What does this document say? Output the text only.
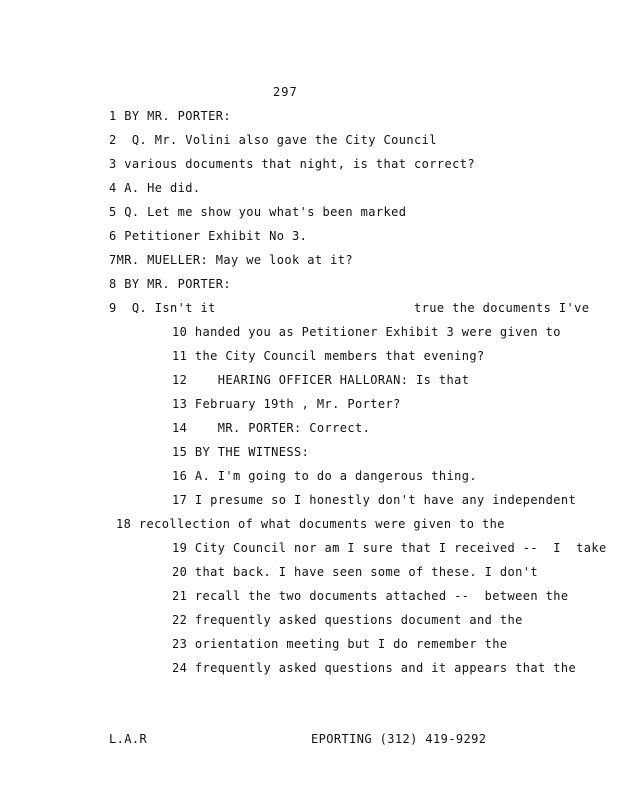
297
1 BY MR. PORTER:
2  Q. Mr. Volini also gave the City Council
3 various documents that night, is that correct?
4 A. He did.
5 Q. Let me show you what's been marked
6 Petitioner Exhibit No 3.
7MR. MUELLER: May we look at it?
8 BY MR. PORTER:
9  Q. Isn't it                          true the documents I've
10 handed you as Petitioner Exhibit 3 were given to
11 the City Council members that evening?
12    HEARING OFFICER HALLORAN: Is that
13 February 19th , Mr. Porter?
14    MR. PORTER: Correct.
15 BY THE WITNESS:
16 A. I'm going to do a dangerous thing.
17 I presume so I honestly don't have any independent
18 recollection of what documents were given to the
19 City Council nor am I sure that I received --  I  take
20 that back. I have seen some of these. I don't
21 recall the two documents attached --  between the
22 frequently asked questions document and the
23 orientation meeting but I do remember the
24 frequently asked questions and it appears that the
L.A.R	EPORTING (312) 419-9292
